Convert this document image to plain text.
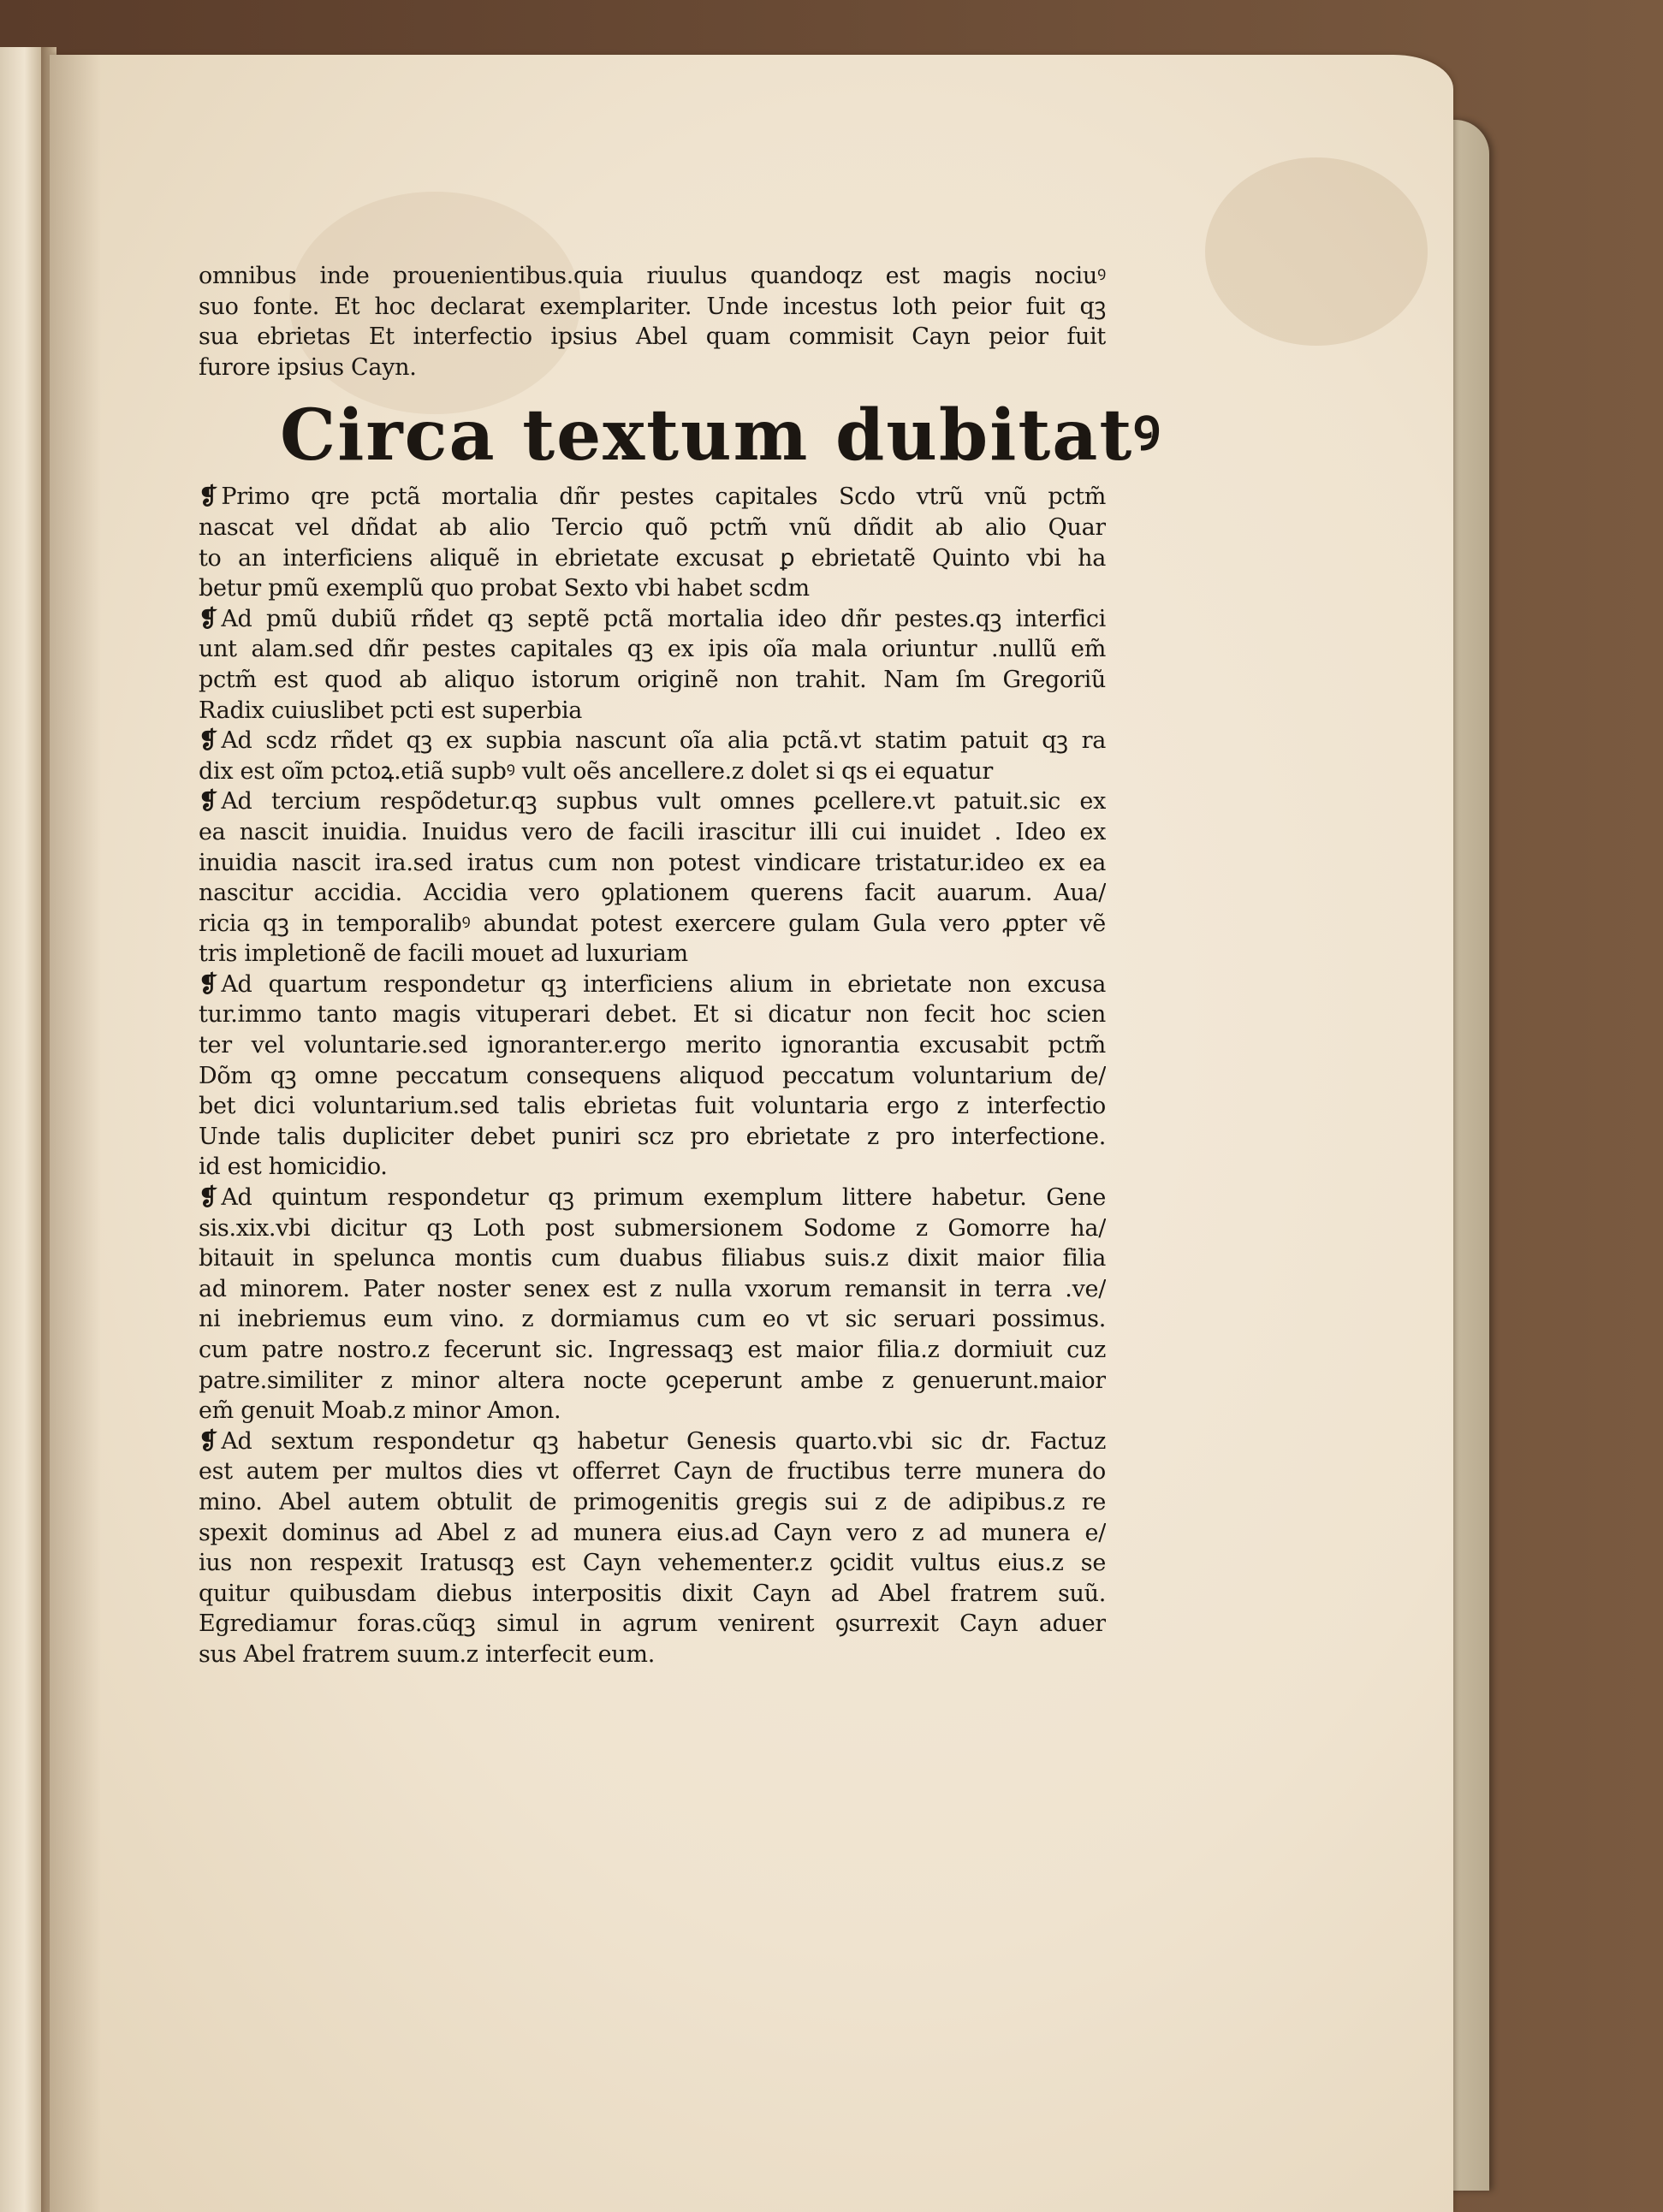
omnibus inde prouenientibus.quia riuulus quandoqz est magis nociuꝰ
suo fonte. Et hoc declarat exemplariter. Unde incestus loth peior fuit qꝫ
sua ebrietas Et interfectio ipsius Abel quam commisit Cayn peior fuit
furore ipsius Cayn.
Circa textum dubitatꝰ
❡ Primo qre pctã mortalia dñr pestes capitales Scdo vtrũ vnũ pctm̃
nascat vel dñdat ab alio Tercio quõ pctm̃ vnũ dñdit ab alio Quar
to an interficiens aliquẽ in ebrietate excusat ꝑ ebrietatẽ Quinto vbi ha
betur pmũ exemplũ quo probat Sexto vbi habet scdm
❡ Ad pmũ dubiũ rñdet qꝫ septẽ pctã mortalia ideo dñr pestes.qꝫ interfici
unt alam.sed dñr pestes capitales qꝫ ex ipis oĩa mala oriuntur .nullũ em̃
pctm̃ est quod ab aliquo istorum originẽ non trahit. Nam ſm Gregoriũ
Radix cuiuslibet pcti est superbia
❡ Ad scdz rñdet qꝫ ex supbia nascunt oĩa alia pctã.vt statim patuit qꝫ ra
dix est oĩm pctoꝝ.etiã supbꝰ vult oẽs ancellere.z dolet si qs ei equatur
❡ Ad tercium respõdetur.qꝫ supbus vult omnes ꝑcellere.vt patuit.sic ex
ea nascit inuidia. Inuidus vero de facili irascitur illi cui inuidet . Ideo ex
inuidia nascit ira.sed iratus cum non potest vindicare tristatur.ideo ex ea
nascitur accidia. Accidia vero ꝯplationem querens facit auarum. Aua/
ricia qꝫ in temporalibꝰ abundat potest exercere gulam Gula vero ꝓpter vẽ
tris impletionẽ de facili mouet ad luxuriam
❡ Ad quartum respondetur qꝫ interficiens alium in ebrietate non excusa
tur.immo tanto magis vituperari debet. Et si dicatur non fecit hoc scien
ter vel voluntarie.sed ignoranter.ergo merito ignorantia excusabit pctm̃
Dõm qꝫ omne peccatum consequens aliquod peccatum voluntarium de/
bet dici voluntarium.sed talis ebrietas fuit voluntaria ergo z interfectio
Unde talis dupliciter debet puniri scz pro ebrietate z pro interfectione.
id est homicidio.
❡ Ad quintum respondetur qꝫ primum exemplum littere habetur. Gene
sis.xix.vbi dicitur qꝫ Loth post submersionem Sodome z Gomorre ha/
bitauit in spelunca montis cum duabus filiabus suis.z dixit maior filia
ad minorem. Pater noster senex est z nulla vxorum remansit in terra .ve/
ni inebriemus eum vino. z dormiamus cum eo vt sic seruari possimus.
cum patre nostro.z fecerunt sic. Ingressaqꝫ est maior filia.z dormiuit cuz
patre.similiter z minor altera nocte ꝯceperunt ambe z genuerunt.maior
em̃ genuit Moab.z minor Amon.
❡ Ad sextum respondetur qꝫ habetur Genesis quarto.vbi sic dr. Factuz
est autem per multos dies vt offerret Cayn de fructibus terre munera do
mino. Abel autem obtulit de primogenitis gregis sui z de adipibus.z re
spexit dominus ad Abel z ad munera eius.ad Cayn vero z ad munera e/
ius non respexit Iratusqꝫ est Cayn vehementer.z ꝯcidit vultus eius.z se
quitur quibusdam diebus interpositis dixit Cayn ad Abel fratrem suũ.
Egrediamur foras.cũqꝫ simul in agrum venirent ꝯsurrexit Cayn aduer
sus Abel fratrem suum.z interfecit eum.
